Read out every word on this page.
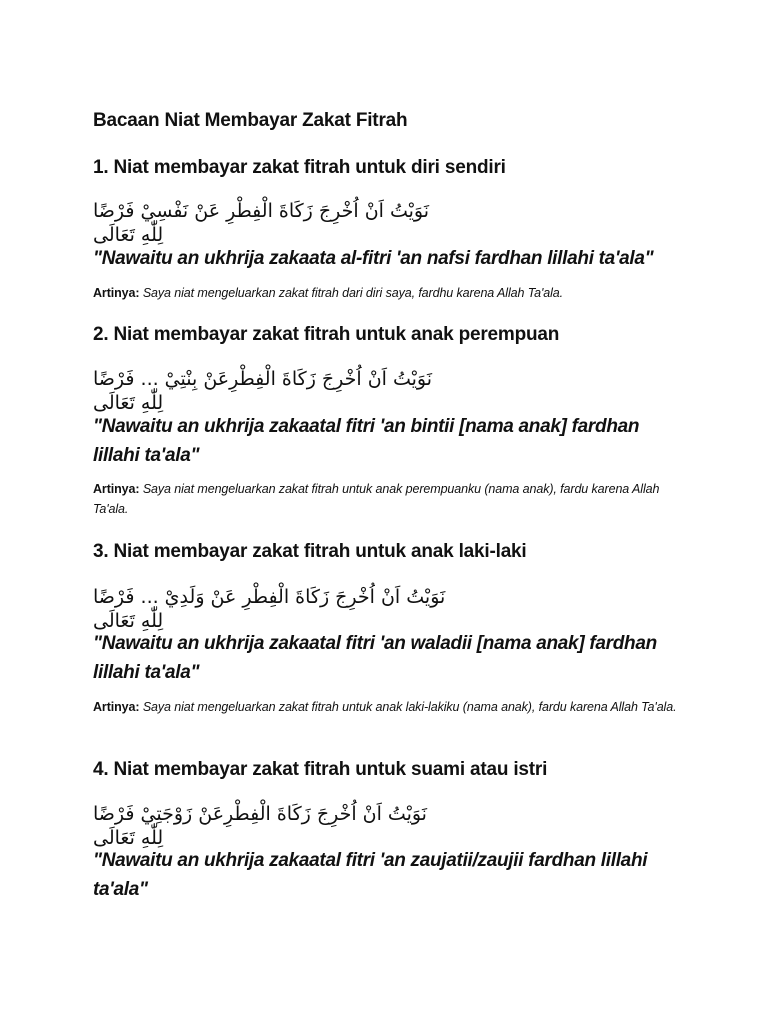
Bacaan Niat Membayar Zakat Fitrah
1. Niat membayar zakat fitrah untuk diri sendiri

نَوَيْتُ اَنْ اُخْرِجَ زَكَاةَ الْفِطْرِ عَنْ نَفْسِيْ فَرْضًا لِلّٰهِ تَعَالَى

"Nawaitu an ukhrija zakaata al-fitri 'an nafsi fardhan lillahi ta'ala"

Artinya: Saya niat mengeluarkan zakat fitrah dari diri saya, fardhu karena Allah Ta'ala.

2. Niat membayar zakat fitrah untuk anak perempuan

نَوَيْتُ اَنْ اُخْرِجَ زَكَاةَ الْفِطْرِعَنْ بِنْتِيْ ... فَرْضًا لِلّٰهِ تَعَالَى

"Nawaitu an ukhrija zakaatal fitri 'an bintii [nama anak] fardhan lillahi ta'ala"

Artinya: Saya niat mengeluarkan zakat fitrah untuk anak perempuanku (nama anak), fardu karena Allah Ta'ala.

3. Niat membayar zakat fitrah untuk anak laki-laki

نَوَيْتُ اَنْ اُخْرِجَ زَكَاةَ الْفِطْرِ عَنْ وَلَدِيْ ... فَرْضًا لِلّٰهِ تَعَالَى

"Nawaitu an ukhrija zakaatal fitri 'an waladii [nama anak] fardhan lillahi ta'ala"

Artinya: Saya niat mengeluarkan zakat fitrah untuk anak laki-lakiku (nama anak), fardu karena Allah Ta'ala.

4. Niat membayar zakat fitrah untuk suami atau istri

نَوَيْتُ اَنْ اُخْرِجَ زَكَاةَ الْفِطْرِعَنْ زَوْجَتِيْ فَرْضًا لِلّٰهِ تَعَالَى

"Nawaitu an ukhrija zakaatal fitri 'an zaujatii/zaujii fardhan lillahi ta'ala"
